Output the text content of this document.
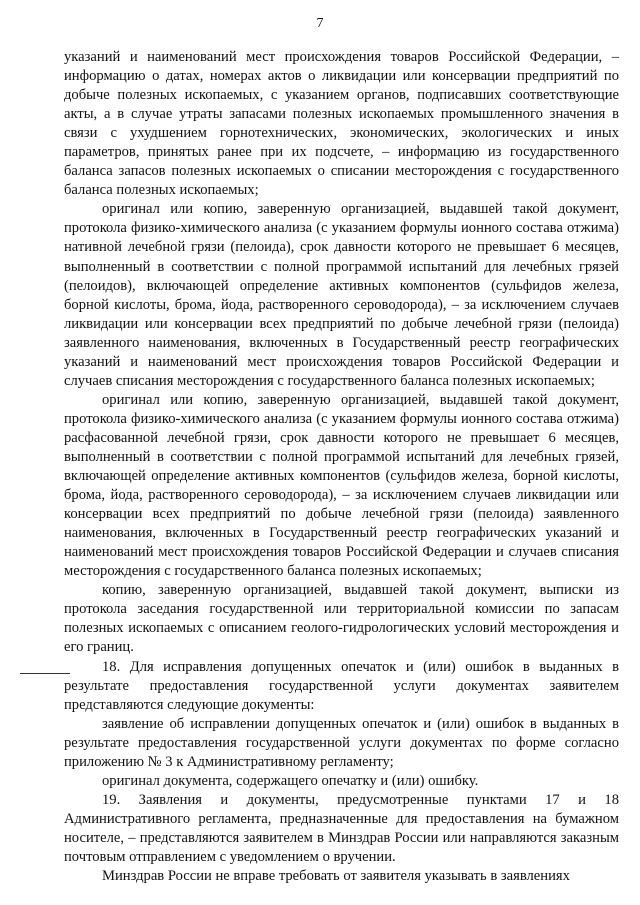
7

указаний и наименований мест происхождения товаров Российской Федерации, – информацию о датах, номерах актов о ликвидации или консервации предприятий по добыче полезных ископаемых, с указанием органов, подписавших соответствующие акты, а в случае утраты запасами полезных ископаемых промышленного значения в связи с ухудшением горнотехнических, экономических, экологических и иных параметров, принятых ранее при их подсчете, – информацию из государственного баланса запасов полезных ископаемых о списании месторождения с государственного баланса полезных ископаемых;

оригинал или копию, заверенную организацией, выдавшей такой документ, протокола физико-химического анализа (с указанием формулы ионного состава отжима) нативной лечебной грязи (пелоида), срок давности которого не превышает 6 месяцев, выполненный в соответствии с полной программой испытаний для лечебных грязей (пелоидов), включающей определение активных компонентов (сульфидов железа, борной кислоты, брома, йода, растворенного сероводорода), – за исключением случаев ликвидации или консервации всех предприятий по добыче лечебной грязи (пелоида) заявленного наименования, включенных в Государственный реестр географических указаний и наименований мест происхождения товаров Российской Федерации и случаев списания месторождения с государственного баланса полезных ископаемых;

оригинал или копию, заверенную организацией, выдавшей такой документ, протокола физико-химического анализа (с указанием формулы ионного состава отжима) расфасованной лечебной грязи, срок давности которого не превышает 6 месяцев, выполненный в соответствии с полной программой испытаний для лечебных грязей, включающей определение активных компонентов (сульфидов железа, борной кислоты, брома, йода, растворенного сероводорода), – за исключением случаев ликвидации или консервации всех предприятий по добыче лечебной грязи (пелоида) заявленного наименования, включенных в Государственный реестр географических указаний и наименований мест происхождения товаров Российской Федерации и случаев списания месторождения с государственного баланса полезных ископаемых;

копию, заверенную организацией, выдавшей такой документ, выписки из протокола заседания государственной или территориальной комиссии по запасам полезных ископаемых с описанием геолого-гидрологических условий месторождения и его границ.

18. Для исправления допущенных опечаток и (или) ошибок в выданных в результате предоставления государственной услуги документах заявителем представляются следующие документы:

заявление об исправлении допущенных опечаток и (или) ошибок в выданных в результате предоставления государственной услуги документах по форме согласно приложению № 3 к Административному регламенту;

оригинал документа, содержащего опечатку и (или) ошибку.

19. Заявления и документы, предусмотренные пунктами 17 и 18 Административного регламента, предназначенные для предоставления на бумажном носителе, – представляются заявителем в Минздрав России или направляются заказным почтовым отправлением с уведомлением о вручении.

Минздрав России не вправе требовать от заявителя указывать в заявлениях
